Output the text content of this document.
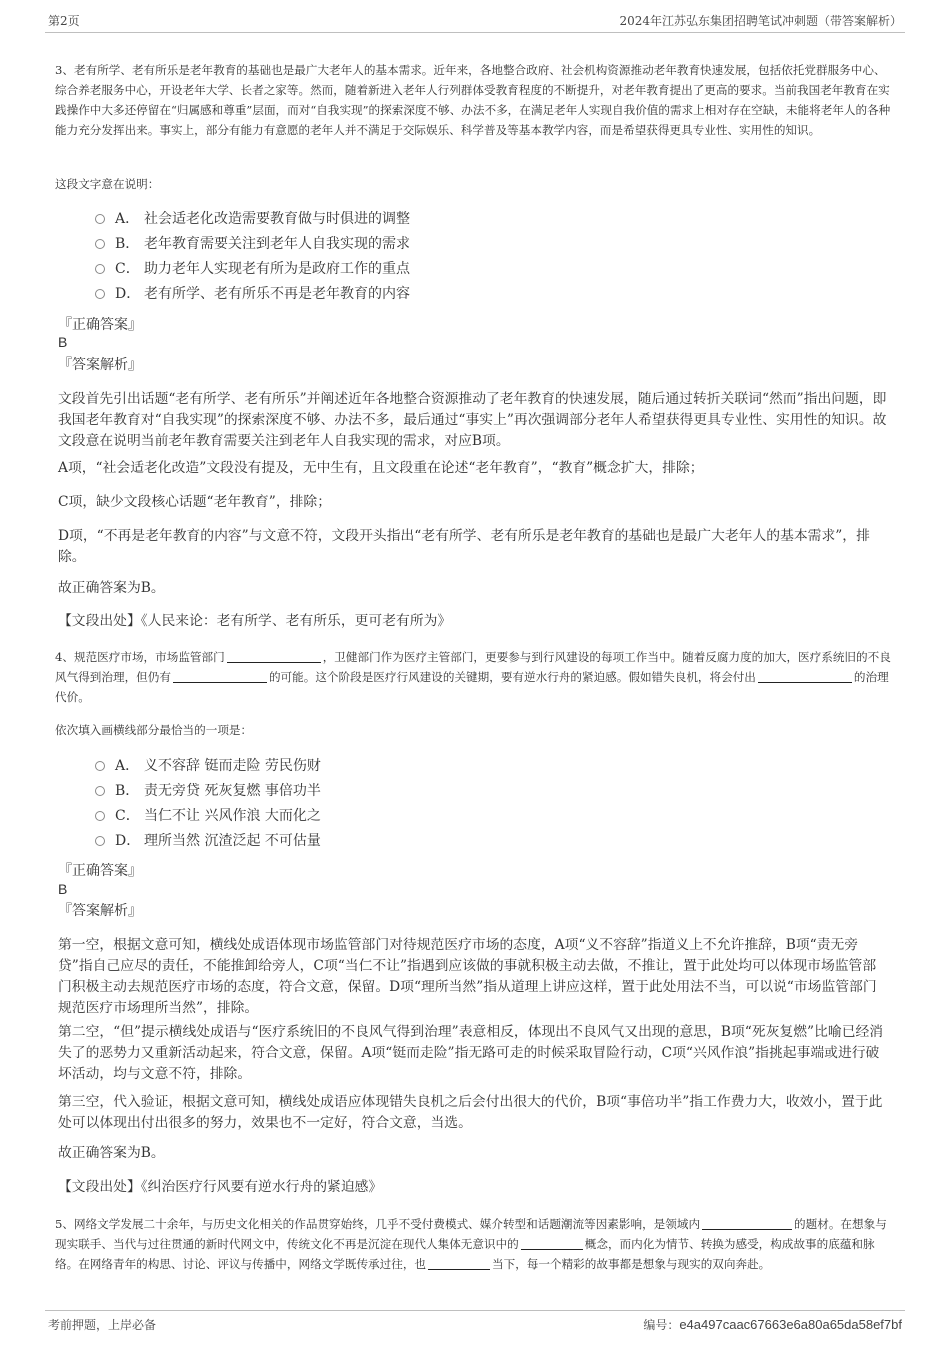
第2页	2024年江苏弘东集团招聘笔试冲刺题（带答案解析）
3、老有所学、老有所乐是老年教育的基础也是最广大老年人的基本需求。近年来，各地整合政府、社会机构资源推动老年教育快速发展，包括依托党群服务中心、综合养老服务中心，开设老年大学、长者之家等。然而，随着新进入老年人行列群体受教育程度的不断提升，对老年教育提出了更高的要求。当前我国老年教育在实践操作中大多还停留在“归属感和尊重”层面，而对“自我实现”的探索深度不够、办法不多，在满足老年人实现自我价值的需求上相对存在空缺，未能将老年人的各种能力充分发挥出来。事实上，部分有能力有意愿的老年人并不满足于交际娱乐、科学普及等基本教学内容，而是希望获得更具专业性、实用性的知识。
这段文字意在说明：
A． 社会适老化改造需要教育做与时俱进的调整
B． 老年教育需要关注到老年人自我实现的需求
C． 助力老年人实现老有所为是政府工作的重点
D． 老有所学、老有所乐不再是老年教育的内容
『正确答案』
B
『答案解析』
文段首先引出话题“老有所学、老有所乐”并阐述近年各地整合资源推动了老年教育的快速发展，随后通过转折关联词“然而”指出问题，即我国老年教育对“自我实现”的探索深度不够、办法不多，最后通过“事实上”再次强调部分老年人希望获得更具专业性、实用性的知识。故文段意在说明当前老年教育需要关注到老年人自我实现的需求，对应B项。
A项，“社会适老化改造”文段没有提及，无中生有，且文段重在论述“老年教育”，“教育”概念扩大，排除；
C项，缺少文段核心话题“老年教育”，排除；
D项，“不再是老年教育的内容”与文意不符，文段开头指出“老有所学、老有所乐是老年教育的基础也是最广大老年人的基本需求”，排除。
故正确答案为B。
【文段出处】《人民来论：老有所学、老有所乐，更可老有所为》
4、规范医疗市场，市场监管部门	，卫健部门作为医疗主管部门，更要参与到行风建设的每项工作当中。随着反腐力度的加大，医疗系统旧的不良风气得到治理，但仍有	的可能。这个阶段是医疗行风建设的关键期，要有逆水行舟的紧迫感。假如错失良机，将会付出	的治理代价。
依次填入画横线部分最恰当的一项是：
A． 义不容辞 铤而走险 劳民伤财
B． 责无旁贷 死灰复燃 事倍功半
C． 当仁不让 兴风作浪 大而化之
D． 理所当然 沉渣泛起 不可估量
『正确答案』
B
『答案解析』
第一空，根据文意可知，横线处成语体现市场监管部门对待规范医疗市场的态度，A项“义不容辞”指道义上不允许推辞，B项“责无旁贷”指自己应尽的责任，不能推卸给旁人，C项“当仁不让”指遇到应该做的事就积极主动去做，不推让，置于此处均可以体现市场监管部门积极主动去规范医疗市场的态度，符合文意，保留。D项“理所当然”指从道理上讲应这样，置于此处用法不当，可以说“市场监管部门规范医疗市场理所当然”，排除。
第二空，“但”提示横线处成语与“医疗系统旧的不良风气得到治理”表意相反，体现出不良风气又出现的意思，B项“死灰复燃”比喻已经消失了的恶势力又重新活动起来，符合文意，保留。A项“铤而走险”指无路可走的时候采取冒险行动，C项“兴风作浪”指挑起事端或进行破坏活动，均与文意不符，排除。
第三空，代入验证，根据文意可知，横线处成语应体现错失良机之后会付出很大的代价，B项“事倍功半”指工作费力大，收效小，置于此处可以体现出付出很多的努力，效果也不一定好，符合文意，当选。
故正确答案为B。
【文段出处】《纠治医疗行风要有逆水行舟的紧迫感》
5、网络文学发展二十余年，与历史文化相关的作品贯穿始终，几乎不受付费模式、媒介转型和话题潮流等因素影响，是领域内	的题材。在想象与现实联手、当代与过往贯通的新时代网文中，传统文化不再是沉淀在现代人集体无意识中的	概念，而内化为情节、转换为感受，构成故事的底蕴和脉络。在网络青年的构思、讨论、评议与传播中，网络文学既传承过往，也	当下，每一个精彩的故事都是想象与现实的双向奔赴。
考前押题，上岸必备	编号：e4a497caac67663e6a80a65da58ef7bf
